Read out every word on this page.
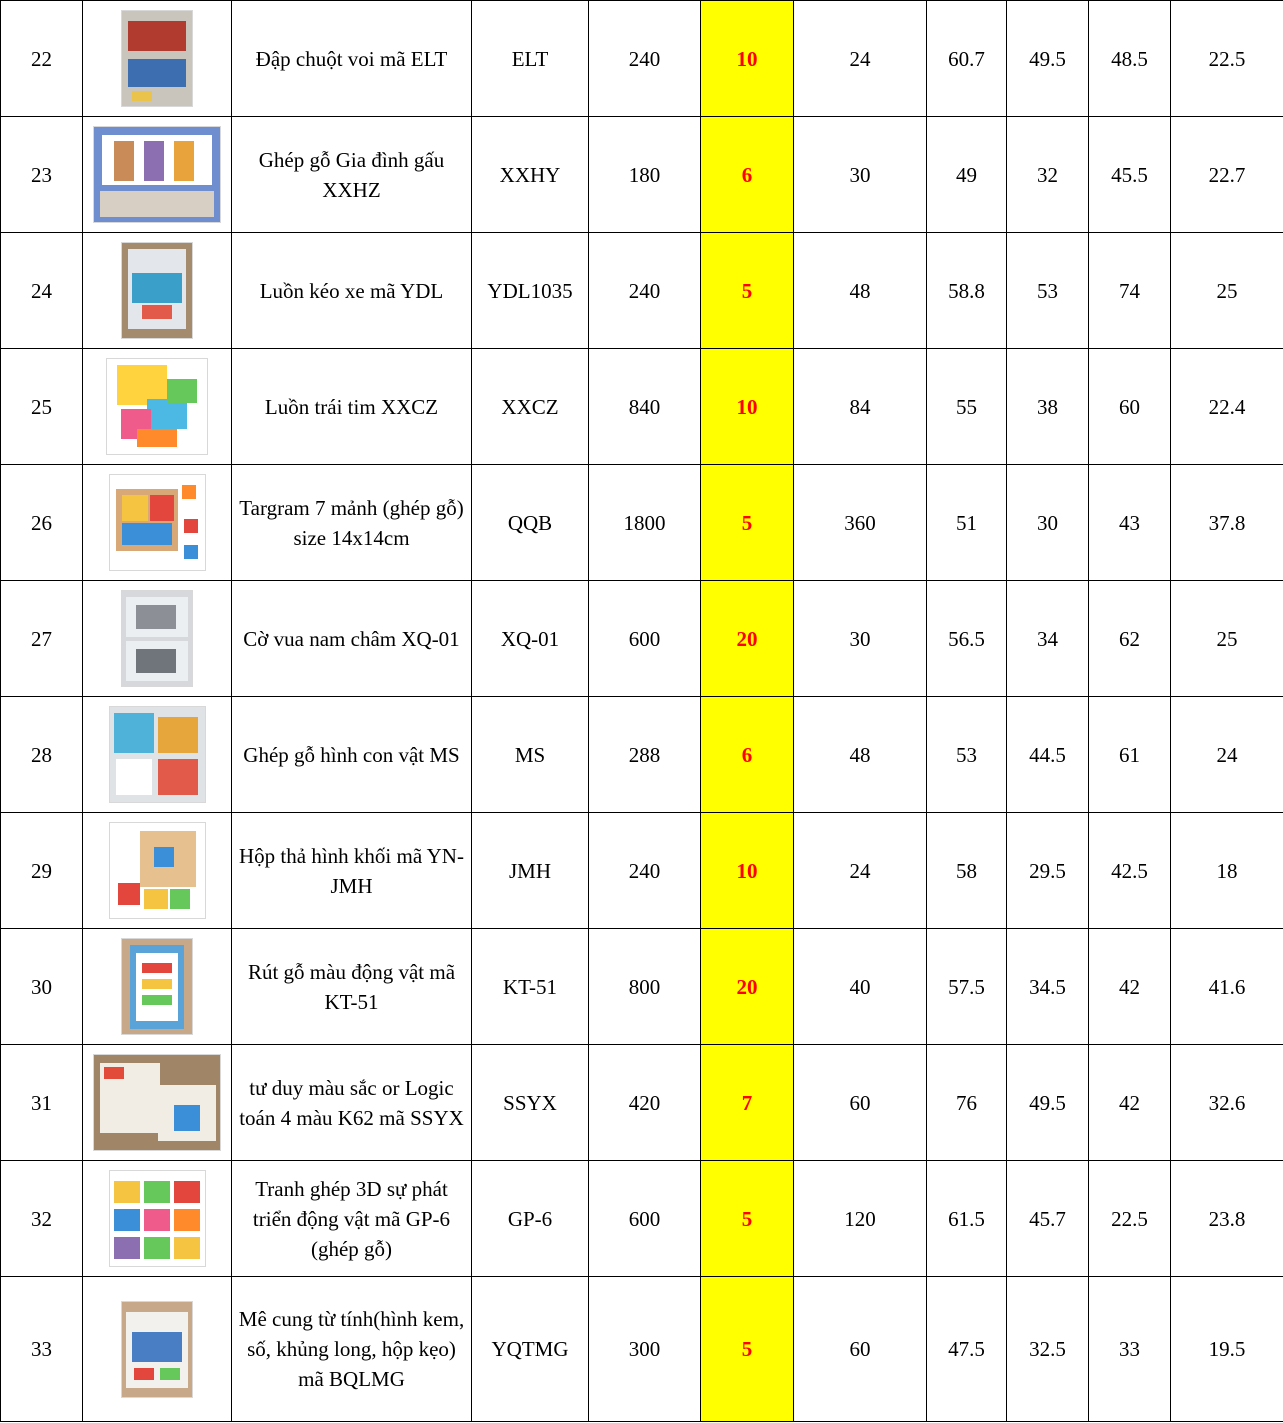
22		Đập chuột voi mã ELT	ELT	240	10	24	60.7	49.5	48.5	22.5
23		Ghép gỗ Gia đình gấu XXHZ	XXHY	180	6	30	49	32	45.5	22.7
24		Luồn kéo xe mã YDL	YDL1035	240	5	48	58.8	53	74	25
25		Luồn trái tim XXCZ	XXCZ	840	10	84	55	38	60	22.4
26		Targram 7 mảnh (ghép gỗ) size 14x14cm	QQB	1800	5	360	51	30	43	37.8
27		Cờ vua nam châm XQ-01	XQ-01	600	20	30	56.5	34	62	25
28		Ghép gỗ hình con vật MS	MS	288	6	48	53	44.5	61	24
29		Hộp thả hình khối mã YN-JMH	JMH	240	10	24	58	29.5	42.5	18
30		Rút gỗ màu động vật mã KT-51	KT-51	800	20	40	57.5	34.5	42	41.6
31		tư duy màu sắc or Logic toán 4 màu K62 mã SSYX	SSYX	420	7	60	76	49.5	42	32.6
32		Tranh ghép 3D sự phát triển động vật mã GP-6 (ghép gỗ)	GP-6	600	5	120	61.5	45.7	22.5	23.8
33		Mê cung từ tính(hình kem, số, khủng long, hộp kẹo) mã BQLMG	YQTMG	300	5	60	47.5	32.5	33	19.5
